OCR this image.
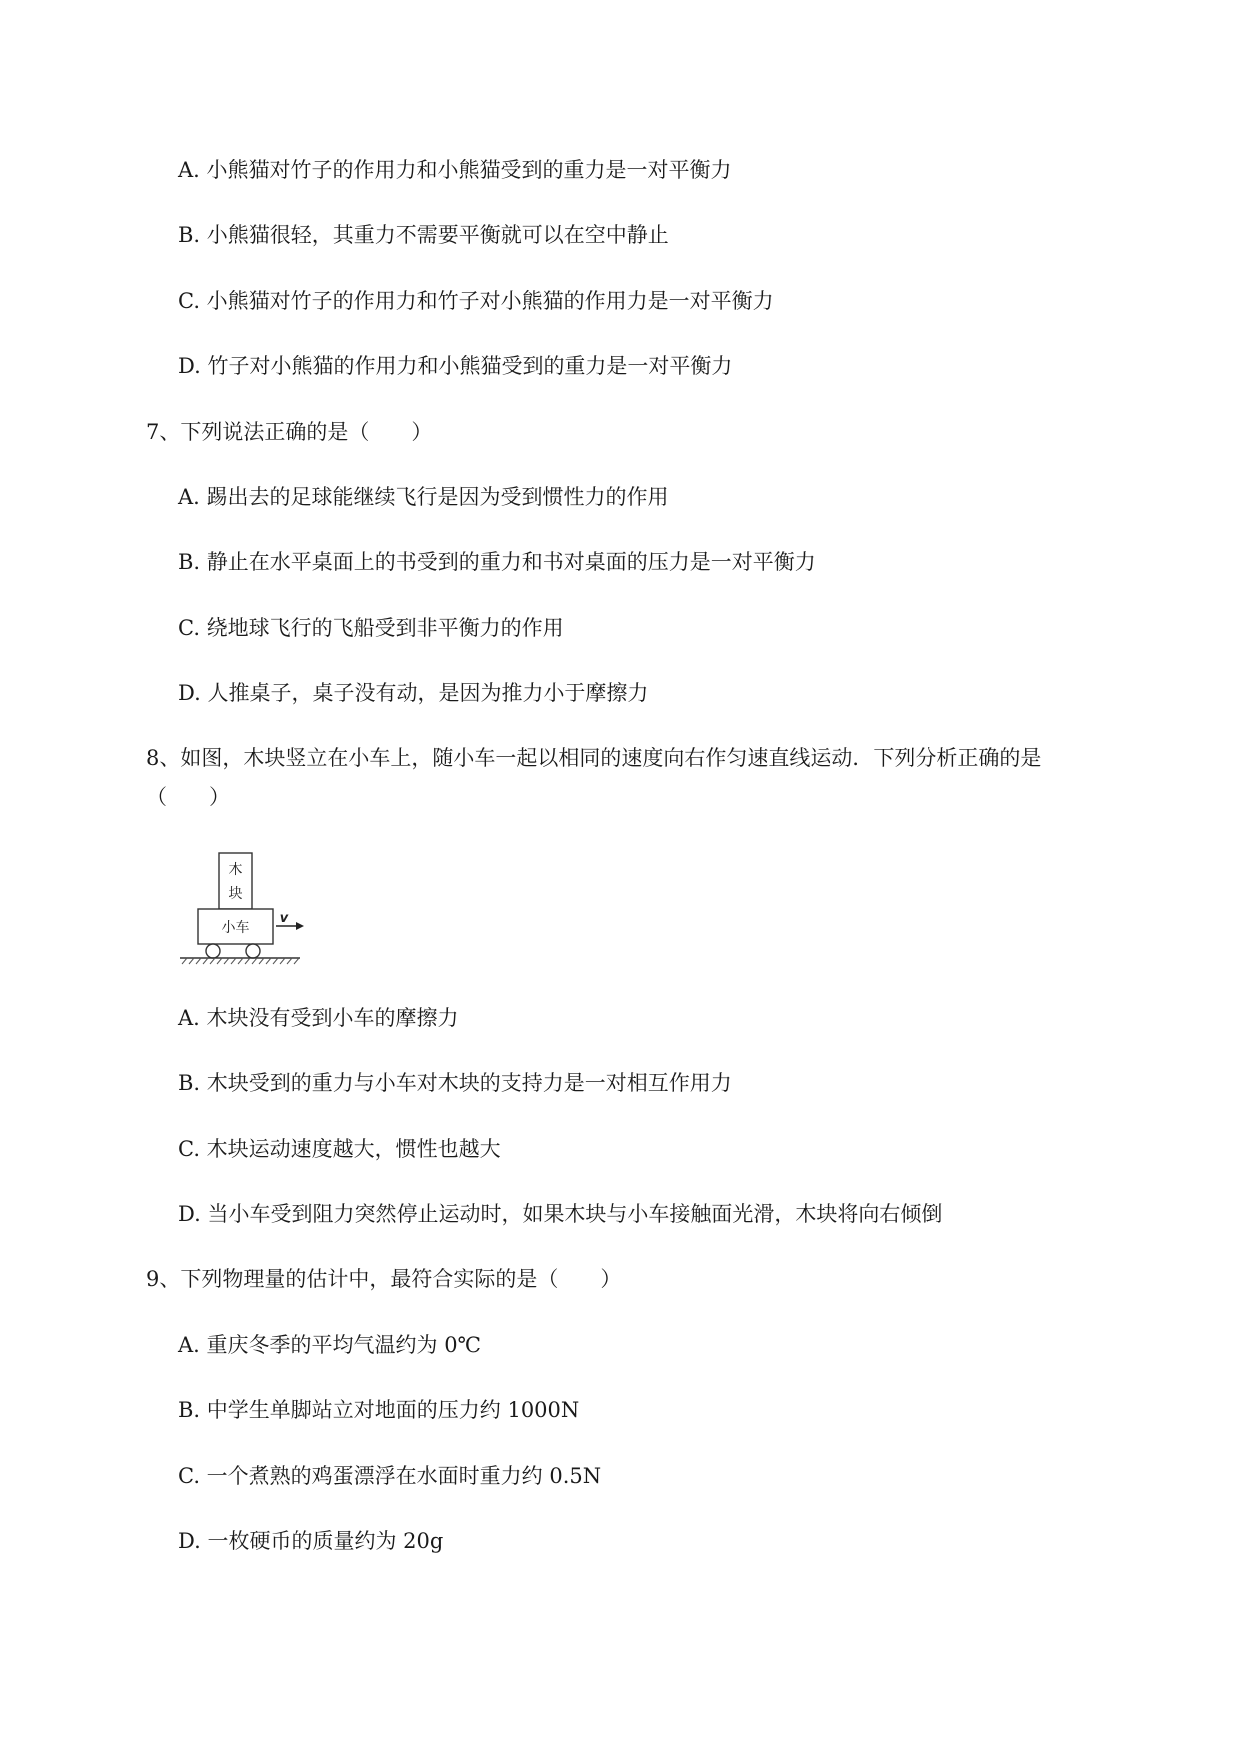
A. 小熊猫对竹子的作用力和小熊猫受到的重力是一对平衡力
B. 小熊猫很轻，其重力不需要平衡就可以在空中静止
C. 小熊猫对竹子的作用力和竹子对小熊猫的作用力是一对平衡力
D. 竹子对小熊猫的作用力和小熊猫受到的重力是一对平衡力
7、下列说法正确的是（　　）
A. 踢出去的足球能继续飞行是因为受到惯性力的作用
B. 静止在水平桌面上的书受到的重力和书对桌面的压力是一对平衡力
C. 绕地球飞行的飞船受到非平衡力的作用
D. 人推桌子，桌子没有动，是因为推力小于摩擦力
8、如图，木块竖立在小车上，随小车一起以相同的速度向右作匀速直线运动．下列分析正确的是
（　　）
木
块
小车
v
A. 木块没有受到小车的摩擦力
B. 木块受到的重力与小车对木块的支持力是一对相互作用力
C. 木块运动速度越大，惯性也越大
D. 当小车受到阻力突然停止运动时，如果木块与小车接触面光滑，木块将向右倾倒
9、下列物理量的估计中，最符合实际的是（　　）
A. 重庆冬季的平均气温约为 0℃
B. 中学生单脚站立对地面的压力约 1000N
C. 一个煮熟的鸡蛋漂浮在水面时重力约 0.5N
D. 一枚硬币的质量约为 20g
